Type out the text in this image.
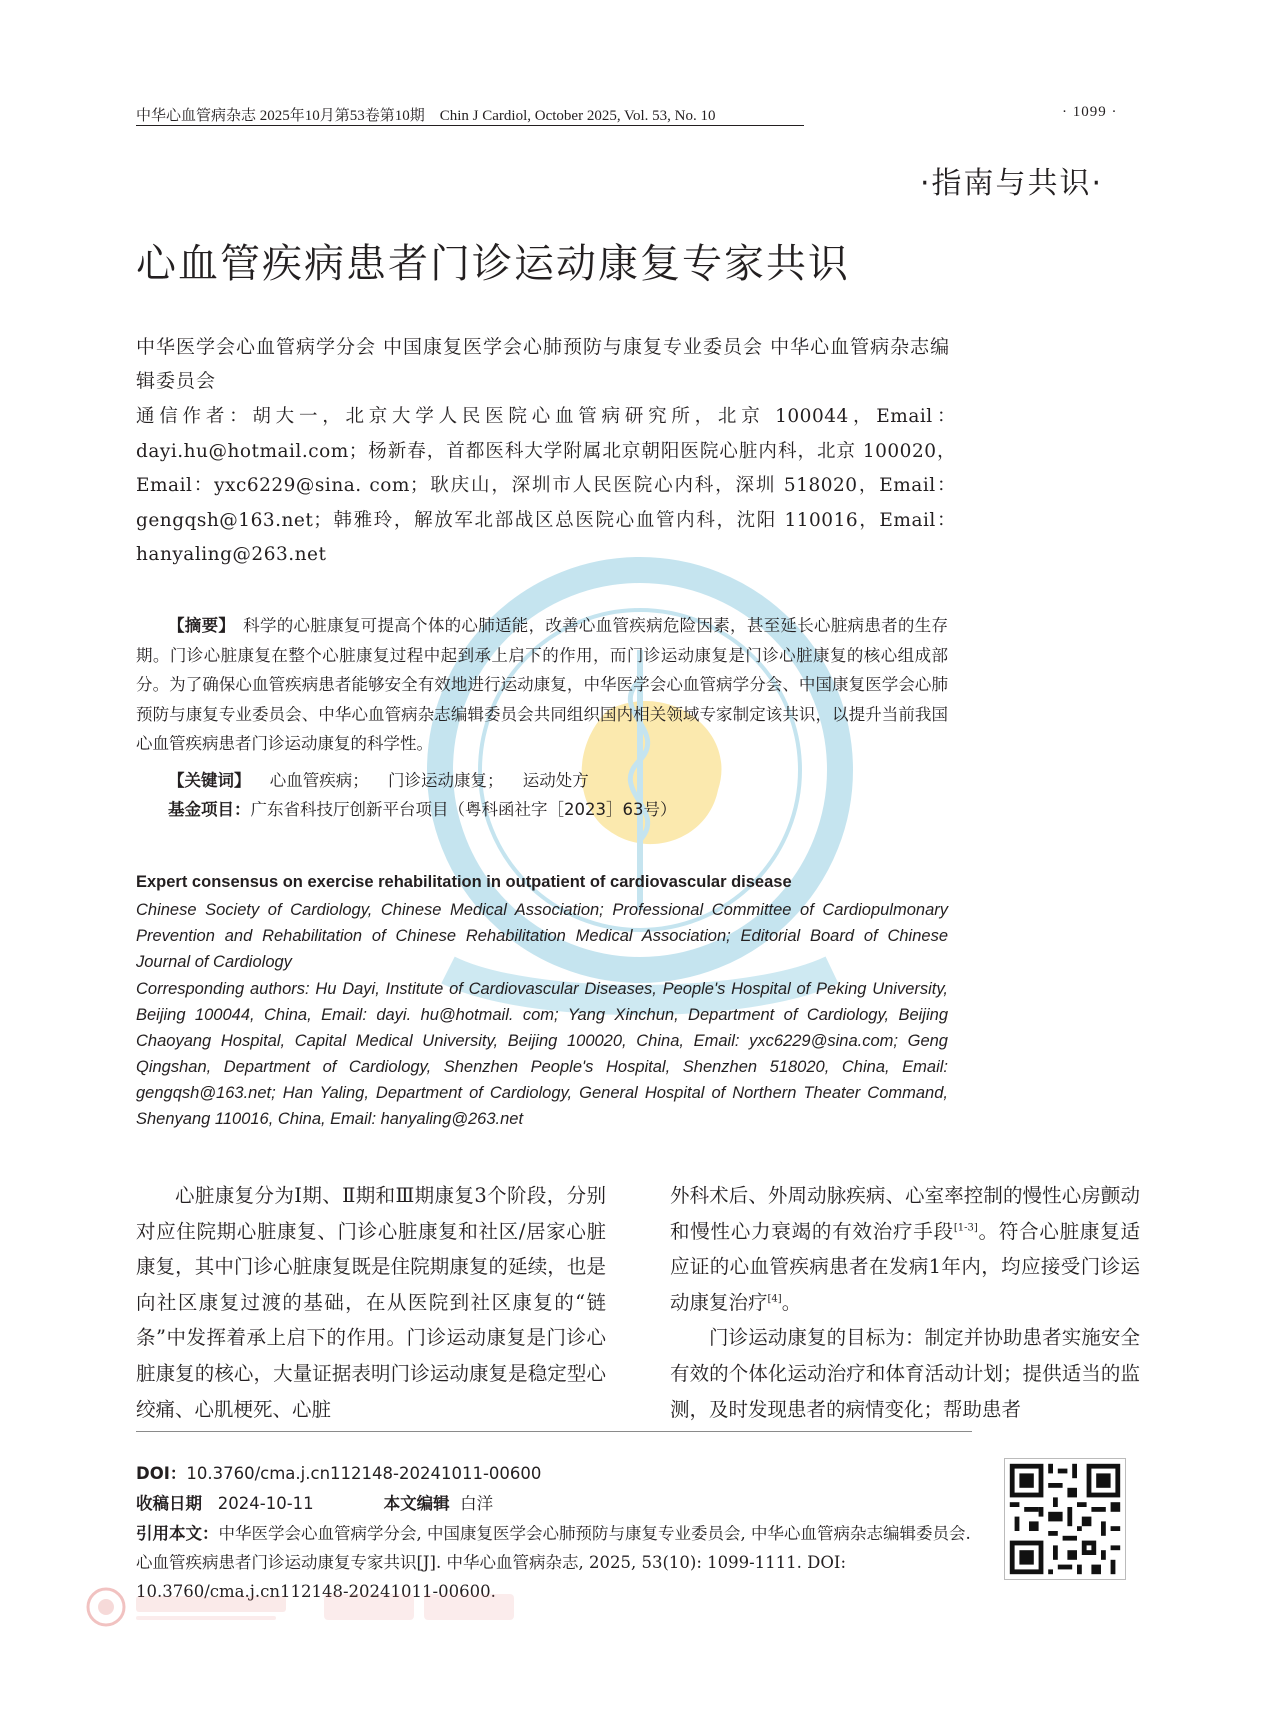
中华心血管病杂志 2025年10月第53卷第10期　Chin J Cardiol, October 2025, Vol. 53, No. 10	· 1099 ·
·指南与共识·
心血管疾病患者门诊运动康复专家共识
中华医学会心血管病学分会 中国康复医学会心肺预防与康复专业委员会 中华心血管病杂志编辑委员会
通信作者：胡大一，北京大学人民医院心血管病研究所，北京 100044，Email：dayi.hu@hotmail.com；杨新春，首都医科大学附属北京朝阳医院心脏内科，北京 100020，Email：yxc6229@sina. com；耿庆山，深圳市人民医院心内科，深圳 518020，Email：gengqsh@163.net；韩雅玲，解放军北部战区总医院心血管内科，沈阳 110016，Email：hanyaling@263.net
【摘要】 科学的心脏康复可提高个体的心肺适能，改善心血管疾病危险因素，甚至延长心脏病患者的生存期。门诊心脏康复在整个心脏康复过程中起到承上启下的作用，而门诊运动康复是门诊心脏康复的核心组成部分。为了确保心血管疾病患者能够安全有效地进行运动康复，中华医学会心血管病学分会、中国康复医学会心肺预防与康复专业委员会、中华心血管病杂志编辑委员会共同组织国内相关领域专家制定该共识，以提升当前我国心血管疾病患者门诊运动康复的科学性。
【关键词】 心血管疾病； 门诊运动康复； 运动处方
基金项目：广东省科技厅创新平台项目（粤科函社字［2023］63号）
Expert consensus on exercise rehabilitation in outpatient of cardiovascular disease
Chinese Society of Cardiology, Chinese Medical Association; Professional Committee of Cardiopulmonary Prevention and Rehabilitation of Chinese Rehabilitation Medical Association; Editorial Board of Chinese Journal of Cardiology
Corresponding authors: Hu Dayi, Institute of Cardiovascular Diseases, People's Hospital of Peking University, Beijing 100044, China, Email: dayi. hu@hotmail. com; Yang Xinchun, Department of Cardiology, Beijing Chaoyang Hospital, Capital Medical University, Beijing 100020, China, Email: yxc6229@sina.com; Geng Qingshan, Department of Cardiology, Shenzhen People's Hospital, Shenzhen 518020, China, Email: gengqsh@163.net; Han Yaling, Department of Cardiology, General Hospital of Northern Theater Command, Shenyang 110016, China, Email: hanyaling@263.net

心脏康复分为Ⅰ期、Ⅱ期和Ⅲ期康复3个阶段，分别对应住院期心脏康复、门诊心脏康复和社区/居家心脏康复，其中门诊心脏康复既是住院期康复的延续，也是向社区康复过渡的基础，在从医院到社区康复的“链条”中发挥着承上启下的作用。门诊运动康复是门诊心脏康复的核心，大量证据表明门诊运动康复是稳定型心绞痛、心肌梗死、心脏

外科术后、外周动脉疾病、心室率控制的慢性心房颤动和慢性心力衰竭的有效治疗手段[1-3]。符合心脏康复适应证的心血管疾病患者在发病1年内，均应接受门诊运动康复治疗[4]。

门诊运动康复的目标为：制定并协助患者实施安全有效的个体化运动治疗和体育活动计划；提供适当的监测，及时发现患者的病情变化；帮助患者

DOI：10.3760/cma.j.cn112148-20241011-00600
收稿日期 2024-10-11	本文编辑 白洋
引用本文：中华医学会心血管病学分会, 中国康复医学会心肺预防与康复专业委员会, 中华心血管病杂志编辑委员会. 心血管疾病患者门诊运动康复专家共识[J]. 中华心血管病杂志, 2025, 53(10): 1099-1111. DOI: 10.3760/cma.j.cn112148-20241011-00600.
